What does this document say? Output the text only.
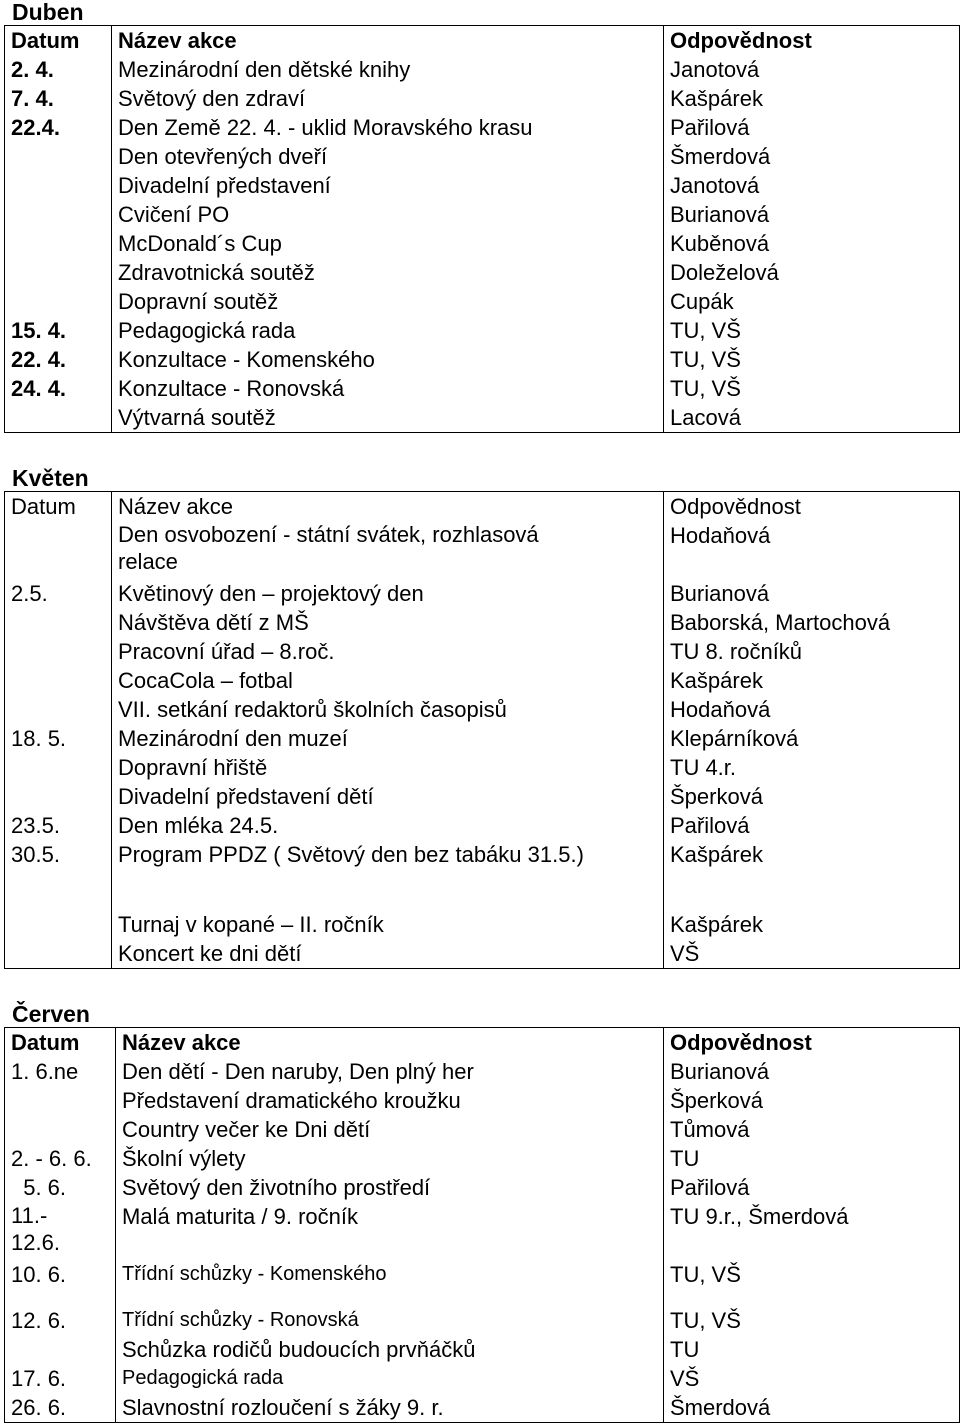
Duben
Datum	Název akce	Odpovědnost
2. 4.	Mezinárodní den dětské knihy	Janotová
7. 4.	Světový den zdraví	Kašpárek
22.4.	Den Země 22. 4. - uklid Moravského krasu	Pařilová
	Den otevřených dveří	Šmerdová
	Divadelní představení	Janotová
	Cvičení PO	Burianová
	McDonald´s Cup	Kuběnová
	Zdravotnická soutěž	Doleželová
	Dopravní soutěž	Cupák
15. 4.	Pedagogická rada	TU, VŠ
22. 4.	Konzultace - Komenského	TU, VŠ
24. 4.	Konzultace - Ronovská	TU, VŠ
	Výtvarná soutěž	Lacová
Květen
Datum	Název akce	Odpovědnost
	Den osvobození - státní svátek, rozhlasová relace	Hodaňová
2.5.	Květinový den – projektový den	Burianová
	Návštěva dětí z MŠ	Baborská, Martochová
	Pracovní úřad – 8.roč.	TU 8. ročníků
	CocaCola – fotbal	Kašpárek
	VII. setkání redaktorů školních časopisů	Hodaňová
18. 5.	Mezinárodní den muzeí	Klepárníková
	Dopravní hřiště	TU 4.r.
	Divadelní představení dětí	Šperková
23.5.	Den mléka 24.5.	Pařilová
30.5.	Program PPDZ ( Světový den bez tabáku 31.5.)	Kašpárek

	Turnaj v kopané – II. ročník	Kašpárek
	Koncert ke dni dětí	VŠ
Červen
Datum	Název akce	Odpovědnost
1. 6.ne	Den dětí - Den naruby, Den plný her	Burianová
	Představení dramatického kroužku	Šperková
	Country večer ke Dni dětí	Tůmová
2. - 6. 6.	Školní výlety	TU
5. 6.	Světový den životního prostředí	Pařilová
11.- 12.6.	Malá maturita / 9. ročník	TU 9.r., Šmerdová
10. 6.	Třídní schůzky - Komenského	TU, VŠ
12. 6.	Třídní schůzky - Ronovská	TU, VŠ
	Schůzka rodičů budoucích prvňáčků	TU
17. 6.	Pedagogická rada	VŠ
26. 6.	Slavnostní rozloučení s žáky 9. r.	Šmerdová
